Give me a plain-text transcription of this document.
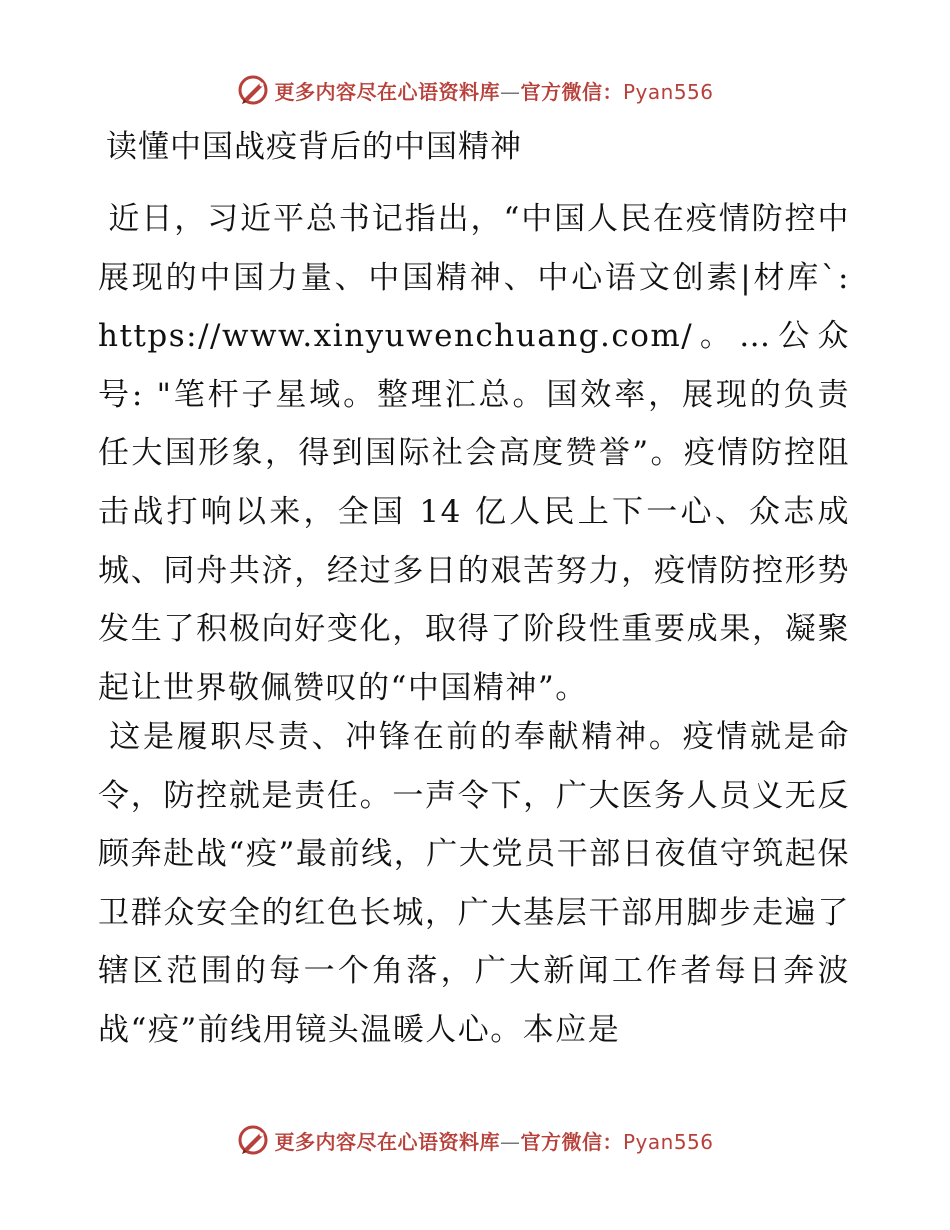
更多内容尽在心语资料库—官方微信：Pyan556
读懂中国战疫背后的中国精神

近日，习近平总书记指出，“中国人民在疫情防控中展现的中国力量、中国精神、中心语文创素|材库`: https://www.xinyuwenchuang.com/。…公众号: "笔杆子星域。整理汇总。国效率，展现的负责任大国形象，得到国际社会高度赞誉”。疫情防控阻击战打响以来，全国 14 亿人民上下一心、众志成城、同舟共济，经过多日的艰苦努力，疫情防控形势发生了积极向好变化，取得了阶段性重要成果，凝聚起让世界敬佩赞叹的“中国精神”。

这是履职尽责、冲锋在前的奉献精神。疫情就是命令，防控就是责任。一声令下，广大医务人员义无反顾奔赴战“疫”最前线，广大党员干部日夜值守筑起保卫群众安全的红色长城，广大基层干部用脚步走遍了辖区范围的每一个角落，广大新闻工作者每日奔波战“疫”前线用镜头温暖人心。本应是

更多内容尽在心语资料库—官方微信：Pyan556
